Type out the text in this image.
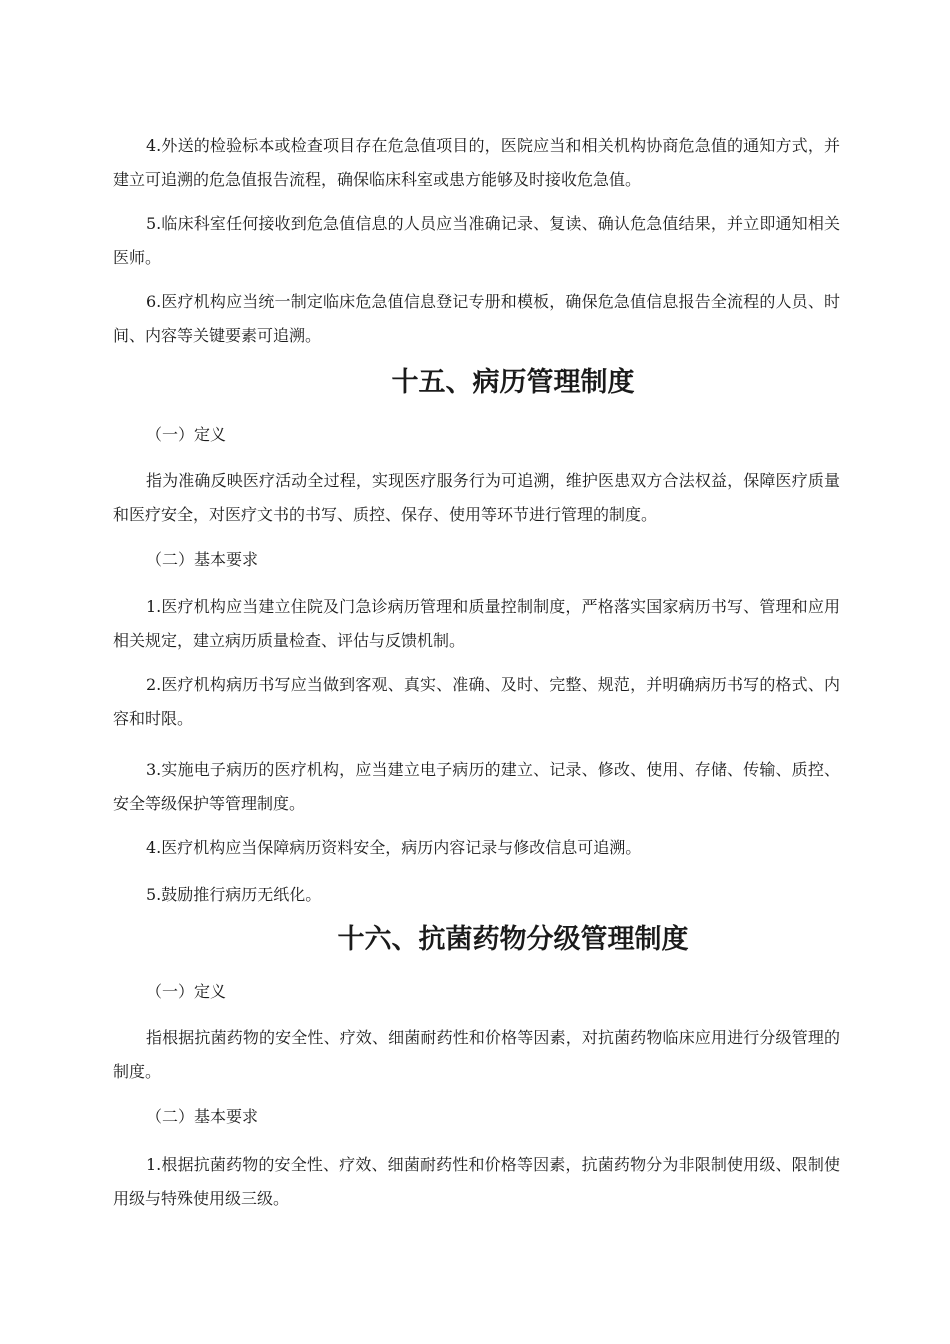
4.外送的检验标本或检查项目存在危急值项目的，医院应当和相关机构协商危急值的通知方式，并建立可追溯的危急值报告流程，确保临床科室或患方能够及时接收危急值。

5.临床科室任何接收到危急值信息的人员应当准确记录、复读、确认危急值结果，并立即通知相关医师。

6.医疗机构应当统一制定临床危急值信息登记专册和模板，确保危急值信息报告全流程的人员、时间、内容等关键要素可追溯。

十五、病历管理制度

（一）定义

指为准确反映医疗活动全过程，实现医疗服务行为可追溯，维护医患双方合法权益，保障医疗质量和医疗安全，对医疗文书的书写、质控、保存、使用等环节进行管理的制度。

（二）基本要求

1.医疗机构应当建立住院及门急诊病历管理和质量控制制度，严格落实国家病历书写、管理和应用相关规定，建立病历质量检查、评估与反馈机制。

2.医疗机构病历书写应当做到客观、真实、准确、及时、完整、规范，并明确病历书写的格式、内容和时限。

3.实施电子病历的医疗机构，应当建立电子病历的建立、记录、修改、使用、存储、传输、质控、安全等级保护等管理制度。

4.医疗机构应当保障病历资料安全，病历内容记录与修改信息可追溯。

5.鼓励推行病历无纸化。

十六、抗菌药物分级管理制度

（一）定义

指根据抗菌药物的安全性、疗效、细菌耐药性和价格等因素，对抗菌药物临床应用进行分级管理的制度。

（二）基本要求

1.根据抗菌药物的安全性、疗效、细菌耐药性和价格等因素，抗菌药物分为非限制使用级、限制使用级与特殊使用级三级。
